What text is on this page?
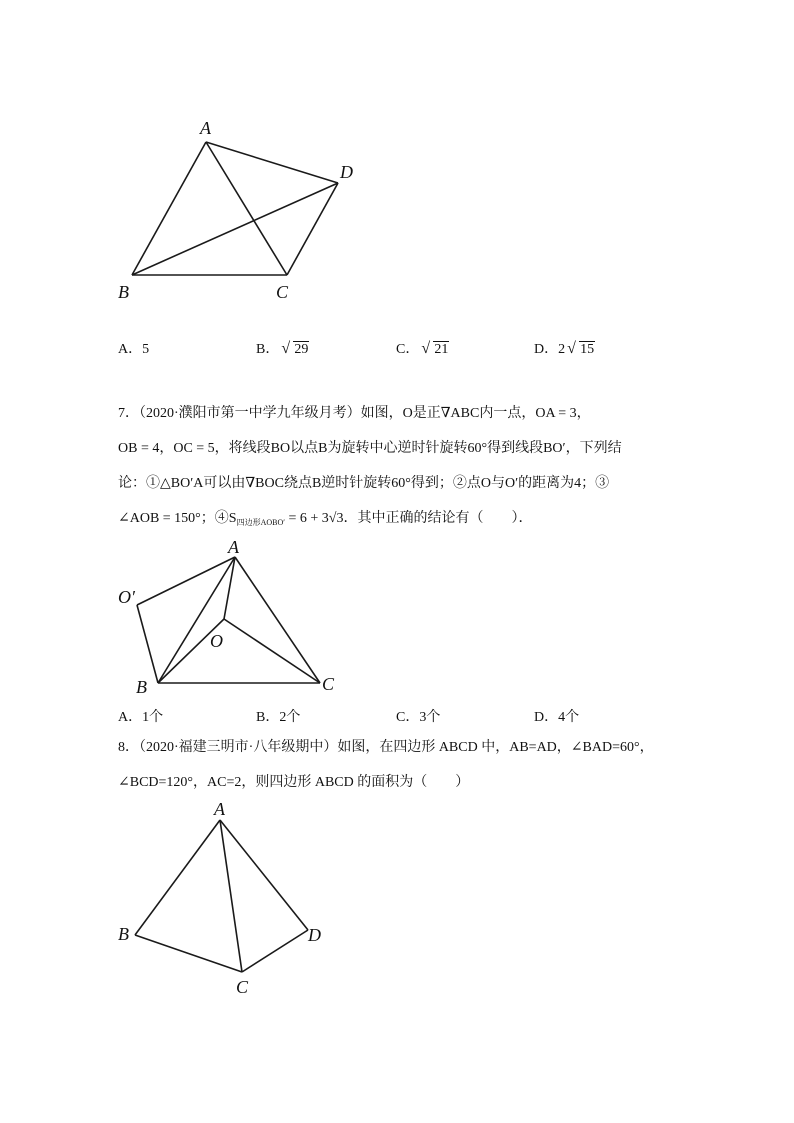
A
D
B	C
A．5	B． √ 29	C． √ 21	D．2 √ 15
7．（2020·濮阳市第一中学九年级月考）如图，O是正∇ABC内一点，OA = 3，
OB = 4，OC = 5，将线段BO以点B为旋转中心逆时针旋转60°得到线段BO′，下列结
论：①△BO′A可以由∇BOC绕点B逆时针旋转60°得到；②点O与O′的距离为4；③
∠AOB = 150°；$④S_{四边形AOBO'} = 6 + 3√3$．其中正确的结论有（　　）．
A
O′
O
B	C
A．1个	B．2个	C．3个	D．4个
8．（2020·福建三明市·八年级期中）如图，在四边形 ABCD 中，AB=AD，∠BAD=60°，
∠BCD=120°，AC=2，则四边形 ABCD 的面积为（　　）
A
B
C
D
